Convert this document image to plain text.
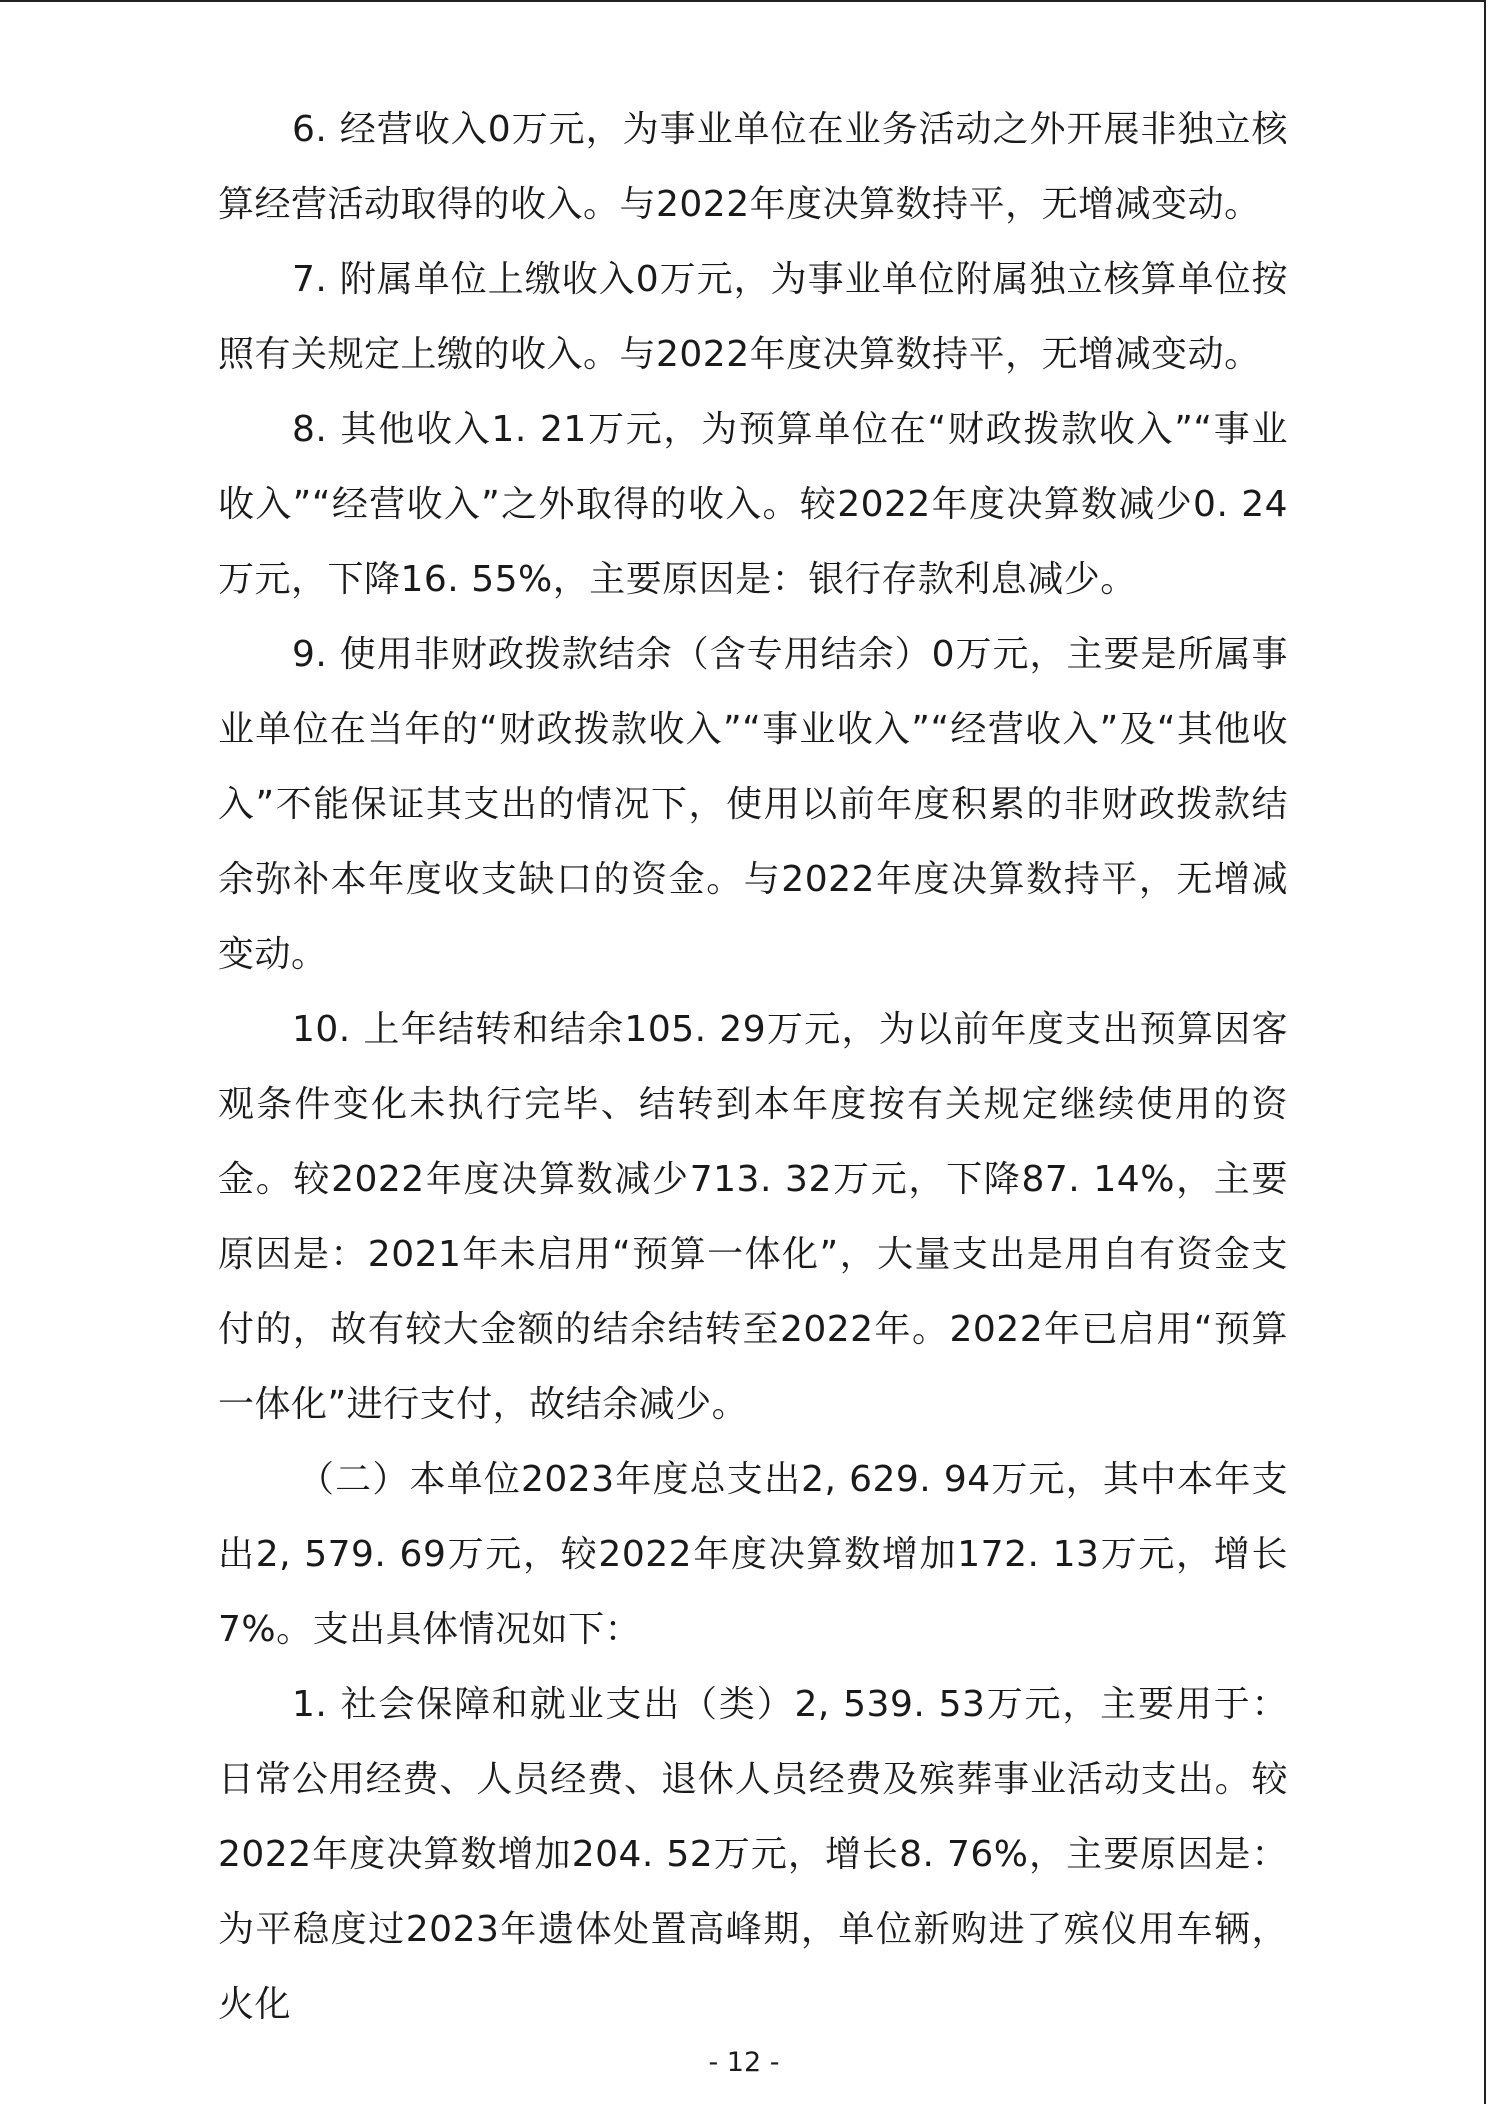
6. 经营收入0万元，为事业单位在业务活动之外开展非独立核算经营活动取得的收入。与2022年度决算数持平，无增减变动。

7. 附属单位上缴收入0万元，为事业单位附属独立核算单位按照有关规定上缴的收入。与2022年度决算数持平，无增减变动。

8. 其他收入1. 21万元，为预算单位在“财政拨款收入”“事业收入”“经营收入”之外取得的收入。较2022年度决算数减少0. 24万元，下降16. 55%，主要原因是：银行存款利息减少。

9. 使用非财政拨款结余（含专用结余）0万元，主要是所属事业单位在当年的“财政拨款收入”“事业收入”“经营收入”及“其他收入”不能保证其支出的情况下，使用以前年度积累的非财政拨款结余弥补本年度收支缺口的资金。与2022年度决算数持平，无增减变动。

10. 上年结转和结余105. 29万元，为以前年度支出预算因客观条件变化未执行完毕、结转到本年度按有关规定继续使用的资金。较2022年度决算数减少713. 32万元，下降87. 14%，主要原因是：2021年未启用“预算一体化”，大量支出是用自有资金支付的，故有较大金额的结余结转至2022年。2022年已启用“预算一体化”进行支付，故结余减少。

（二）本单位2023年度总支出2, 629. 94万元，其中本年支出2, 579. 69万元，较2022年度决算数增加172. 13万元，增长7%。支出具体情况如下：

1. 社会保障和就业支出（类）2, 539. 53万元，主要用于：日常公用经费、人员经费、退休人员经费及殡葬事业活动支出。较2022年度决算数增加204. 52万元，增长8. 76%，主要原因是：为平稳度过2023年遗体处置高峰期，单位新购进了殡仪用车辆，火化

- 12 -
